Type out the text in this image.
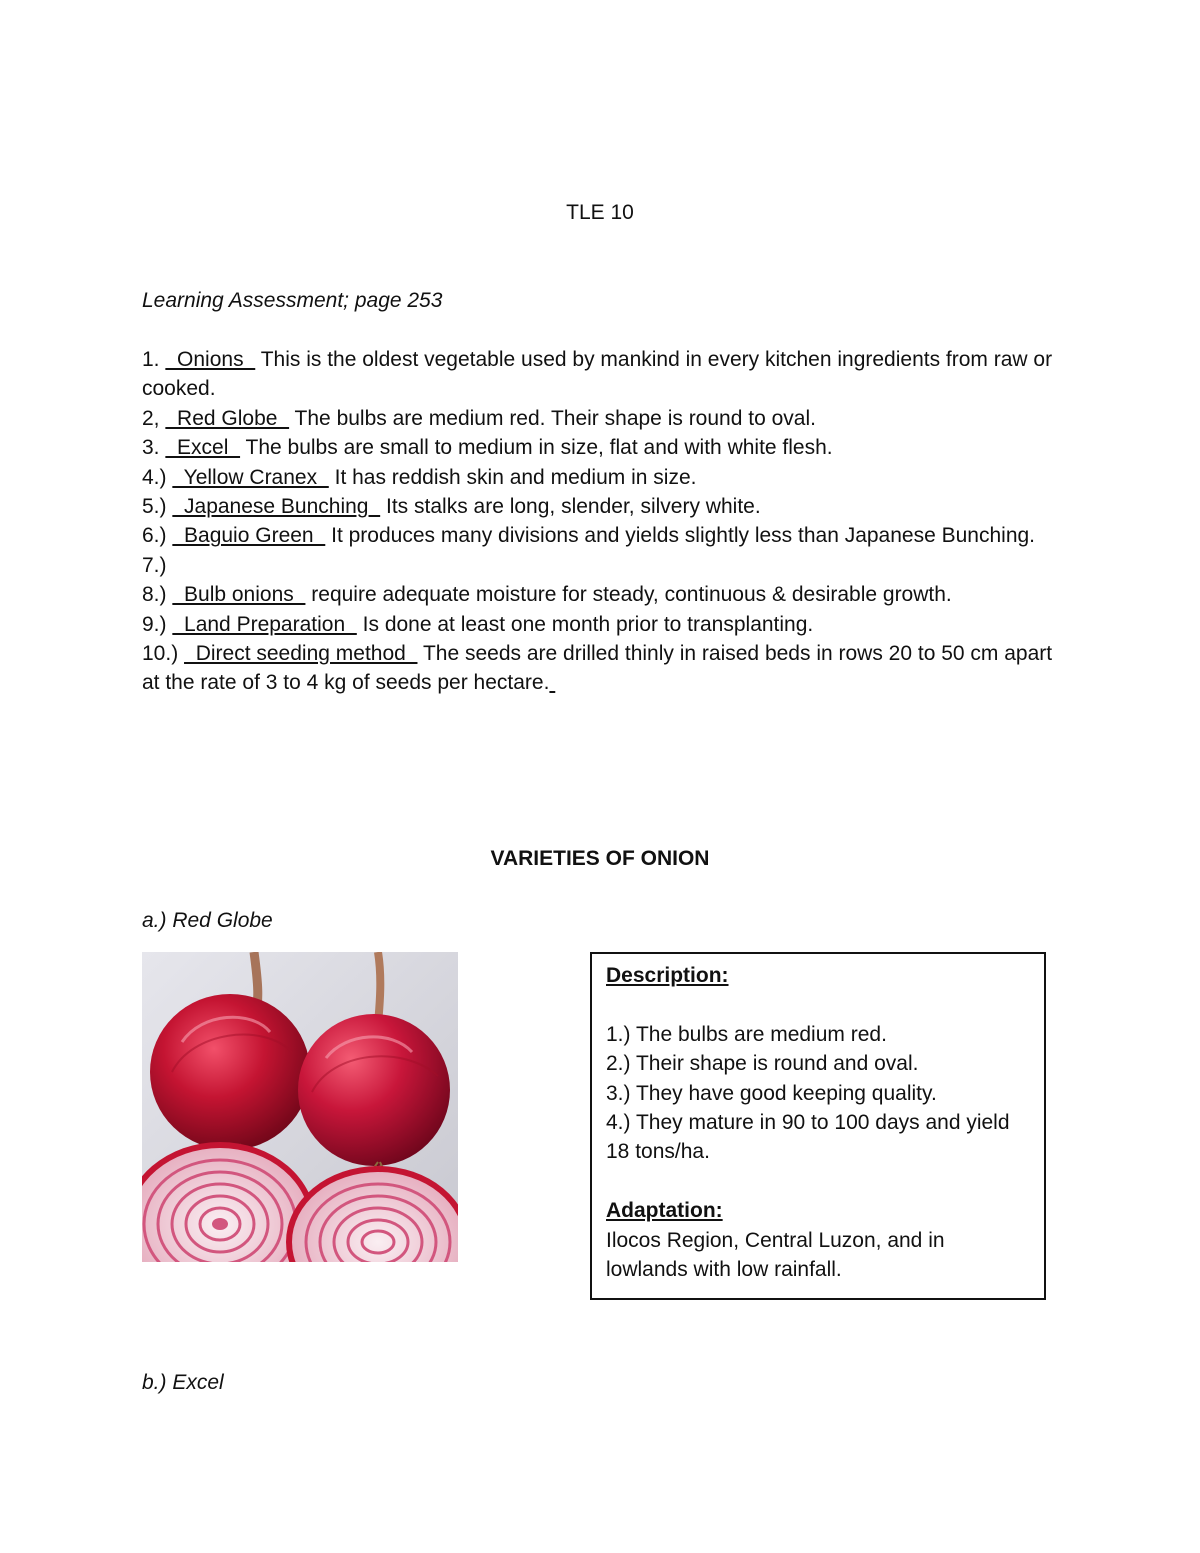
TLE 10
Learning Assessment; page 253

1.   Onions   This is the oldest vegetable used by mankind in every kitchen ingredients from raw or cooked.

2,   Red Globe   The bulbs are medium red. Their shape is round to oval.

3.   Excel   The bulbs are small to medium in size, flat and with white flesh.

4.)   Yellow Cranex   It has reddish skin and medium in size.

5.)   Japanese Bunching   Its stalks are long, slender, silvery white.

6.)   Baguio Green   It produces many divisions and yields slightly less than Japanese Bunching.

7.)

8.)   Bulb onions   require adequate moisture for steady, continuous & desirable growth.

9.)   Land Preparation   Is done at least one month prior to transplanting.

10.)   Direct seeding method   The seeds are drilled thinly in raised beds in rows 20 to 50 cm apart at the rate of 3 to 4 kg of seeds per hectare.

VARIETIES OF ONION
a.) Red Globe

Description:

1.) The bulbs are medium red.

2.) Their shape is round and oval.

3.) They have good keeping quality.

4.) They mature in 90 to 100 days and yield 18 tons/ha.

Adaptation:

Ilocos Region, Central Luzon, and in lowlands with low rainfall.

b.) Excel
